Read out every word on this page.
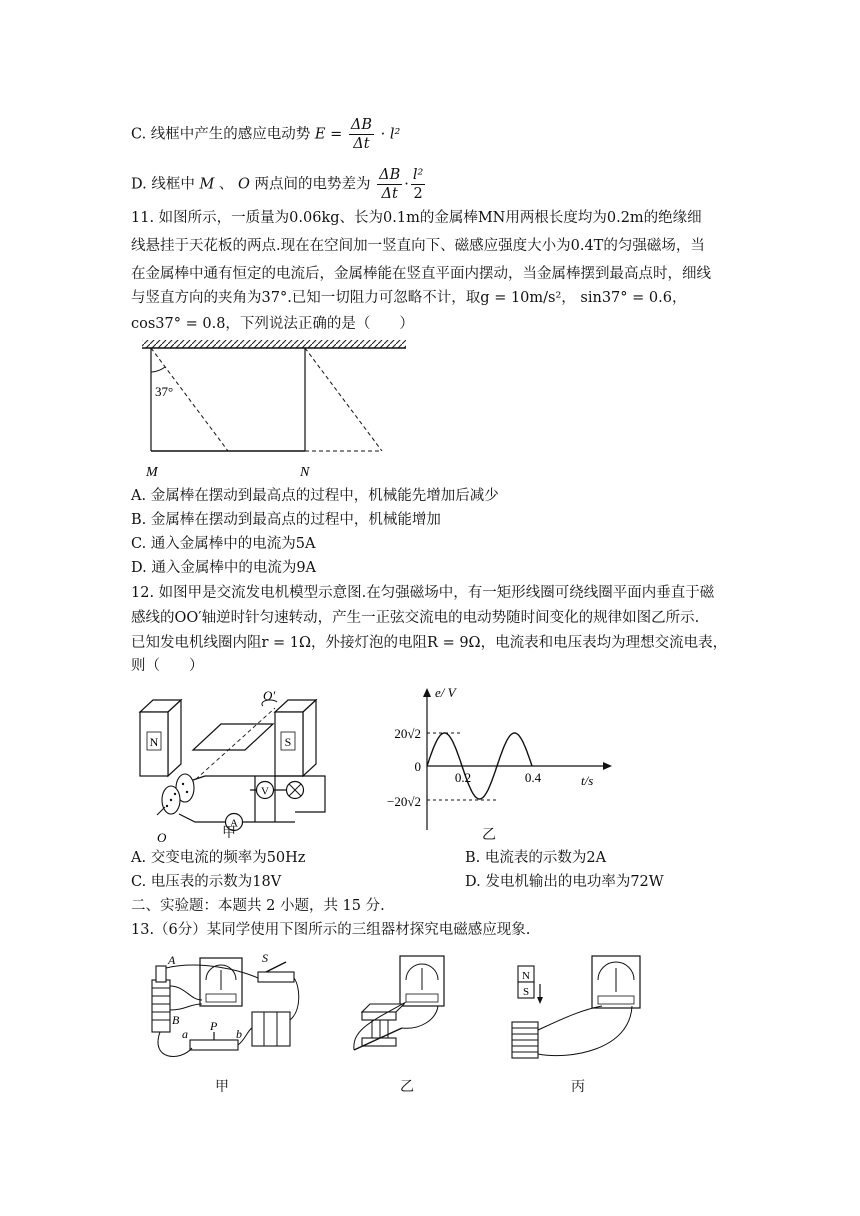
C. 线框中产生的感应电动势 $E = \frac{\Delta B}{\Delta t} \cdot l^2$
D. 线框中 M 、 O 两点间的电势差为 $\frac{\Delta B}{\Delta t} \cdot \frac{\text{l²}}{2}$
11. 如图所示，一质量为0.06kg、长为0.1m的金属棒MN用两根长度均为0.2m的绝缘细
线悬挂于天花板的两点.现在在空间加一竖直向下、磁感应强度大小为0.4T的匀强磁场，当
在金属棒中通有恒定的电流后，金属棒能在竖直平面内摆动，当金属棒摆到最高点时，细线
与竖直方向的夹角为37°.已知一切阻力可忽略不计，取g = 10m/s²， sin37° = 0.6，
cos37° = 0.8，下列说法正确的是（　　）
37°
M	N
A. 金属棒在摆动到最高点的过程中，机械能先增加后减少
B. 金属棒在摆动到最高点的过程中，机械能增加
C. 通入金属棒中的电流为5A
D. 通入金属棒中的电流为9A
12. 如图甲是交流发电机模型示意图.在匀强磁场中，有一矩形线圈可绕线圈平面内垂直于磁
感线的OO′轴逆时针匀速转动，产生一正弦交流电的电动势随时间变化的规律如图乙所示.
已知发电机线圈内阻r = 1Ω，外接灯泡的电阻R = 9Ω，电流表和电压表均为理想交流电表，
则（　　）
N	S
O′
O
A
V
甲
e/ V
t/s
20√2
0
−20√2
0.2	0.4
乙
A. 交变电流的频率为50Hz	B. 电流表的示数为2A
C. 电压表的示数为18V	D. 发电机输出的电功率为72W
二、实验题：本题共 2 小题，共 15 分.
13.（6分）某同学使用下图所示的三组器材探究电磁感应现象.
A
B
S
a
P
b
N
S
甲	乙	丙
